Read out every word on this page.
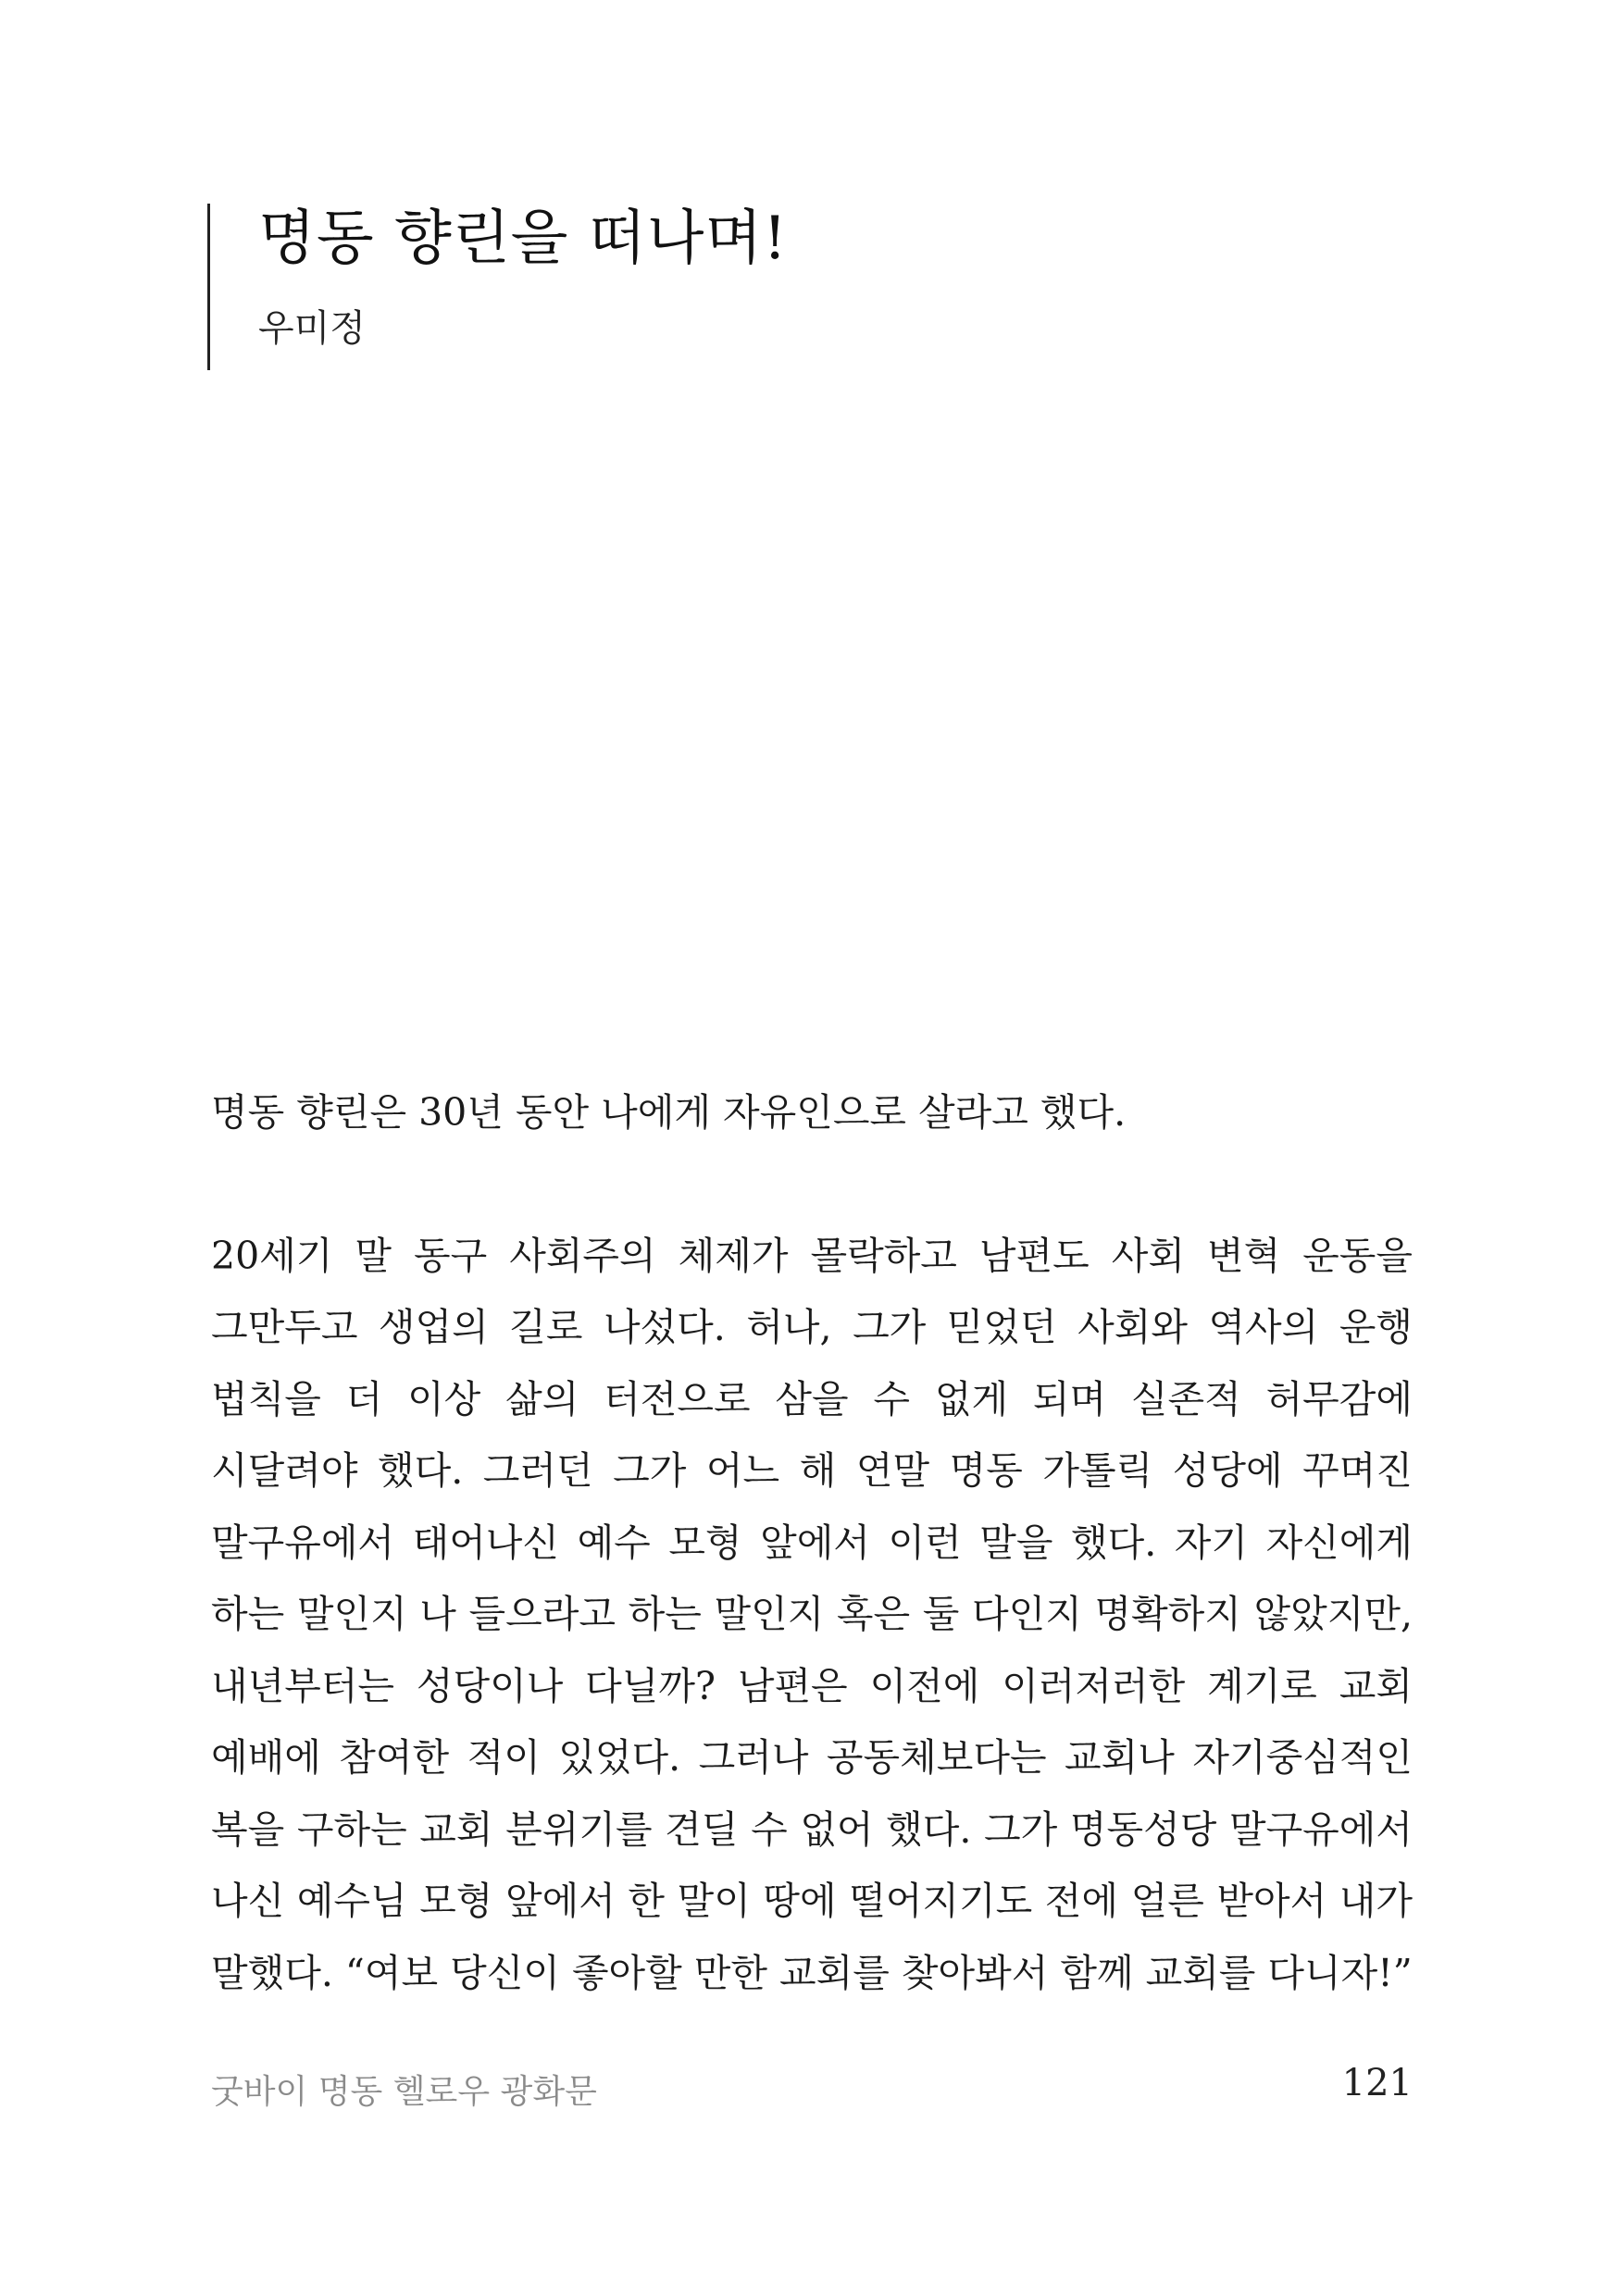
명동 향린을 떠나며!
우미정

명동 향린은 30년 동안 나에게 자유인으로 살라고 했다.

20세기 말 동구 사회주의 체제가 몰락하고 남편도 사회 변혁 운동을 그만두고 생업의 길로 나섰다. 허나, 그가 믿었던 사회와 역사의 운행 법칙을 더 이상 삶의 터전으로 삼을 수 없게 되며 실존적 허무감에 시달려야 했다. 그러던 그가 어느 해 연말 명동 가톨릭 성당에 꾸며진 말구유에서 태어나신 예수 모형 앞에서 이런 말을 했다. 자기 자신에게 하는 말인지 나 들으라고 하는 말인지 혹은 둘 다인지 명확하지 않았지만, 내년부터는 성당이나 다닐까? 남편은 이전에 이러저러한 계기로 교회 예배에 참여한 적이 있었다. 그러나 공동체보다는 교회나 자기중심적인 복을 구하는 교회 분위기를 견딜 수 없어 했다. 그가 명동성당 말구유에서 나신 예수님 모형 앞에서 한 말이 땅에 떨어지기도 전에 얼른 받아서 내가 말했다. “여보 당신이 좋아할 만한 교회를 찾아봐서 함께 교회를 다니자!”

굿바이 명동 헬로우 광화문	121
